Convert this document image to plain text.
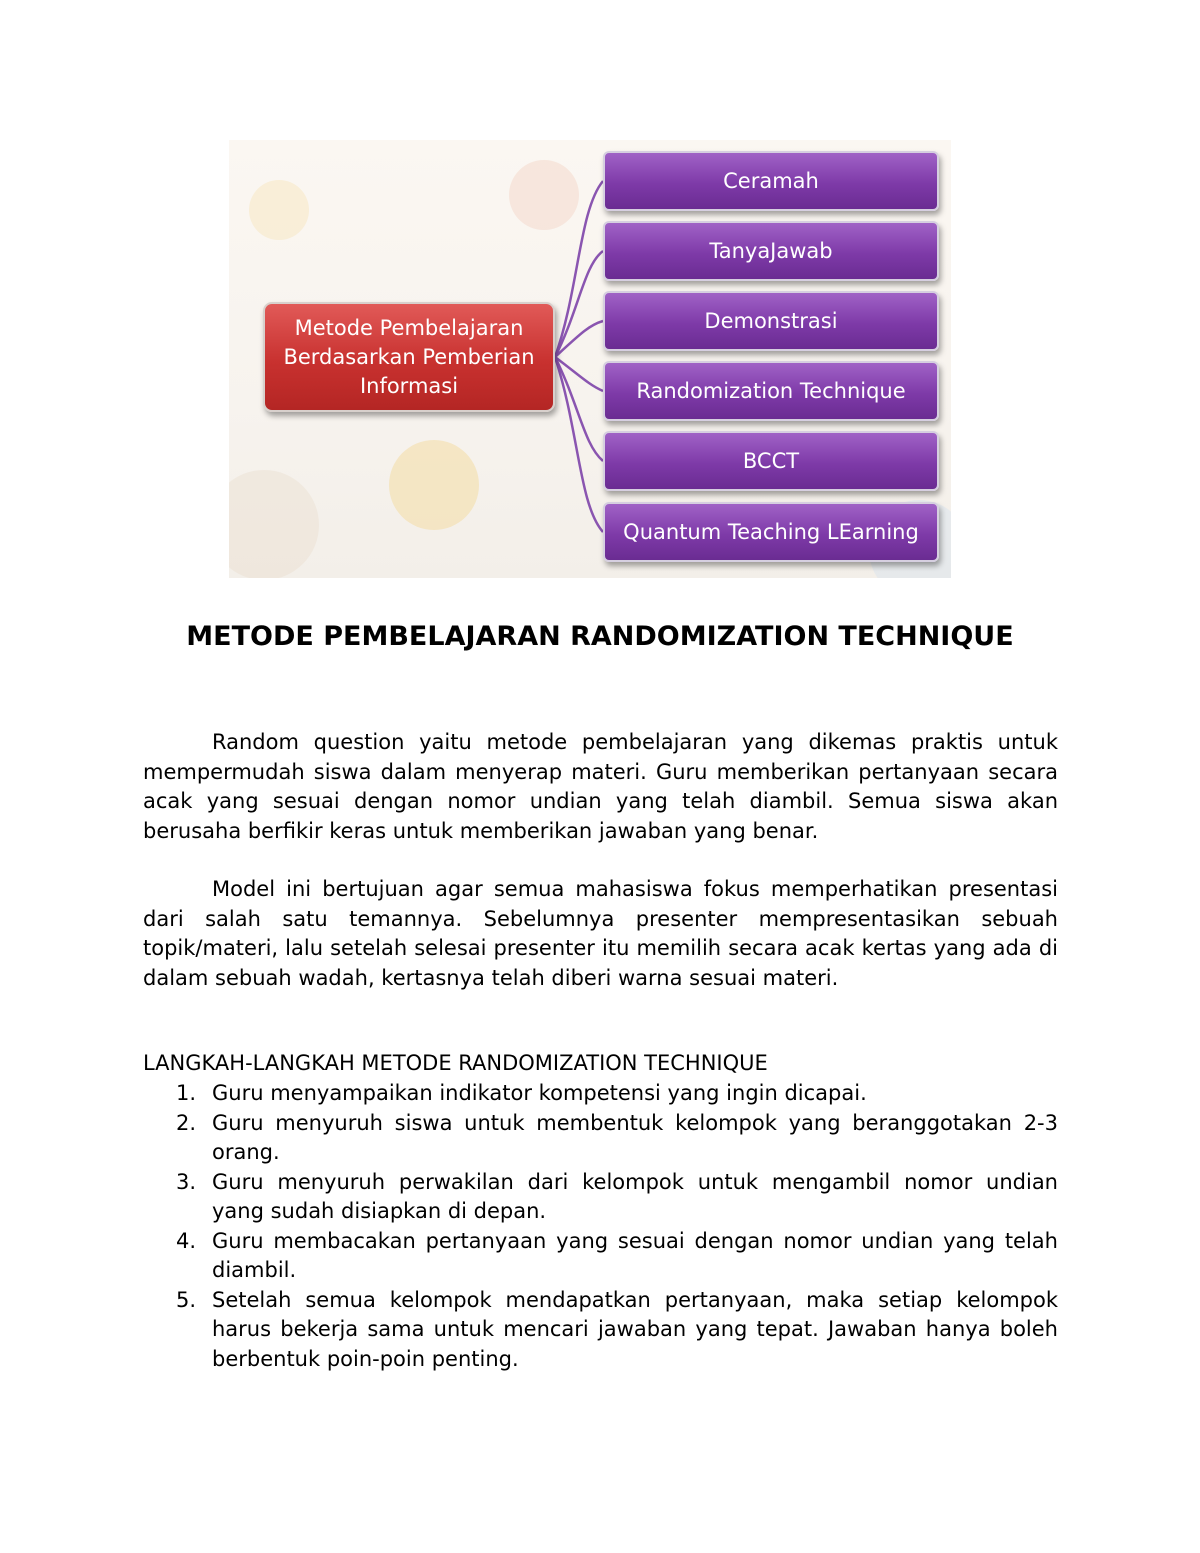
Metode Pembelajaran Berdasarkan Pemberian Informasi
Ceramah
TanyaJawab
Demonstrasi
Randomization Technique
BCCT
Quantum Teaching LEarning
METODE PEMBELAJARAN RANDOMIZATION TECHNIQUE

Random question yaitu metode pembelajaran yang dikemas praktis untuk mempermudah siswa dalam menyerap materi. Guru memberikan pertanyaan secara acak yang sesuai dengan nomor undian yang telah diambil. Semua siswa akan berusaha berfikir keras untuk memberikan jawaban yang benar.

Model ini bertujuan agar semua mahasiswa fokus memperhatikan presentasi dari salah satu temannya. Sebelumnya presenter mempresentasikan sebuah topik/materi, lalu setelah selesai presenter itu memilih secara acak kertas yang ada di dalam sebuah wadah, kertasnya telah diberi warna sesuai materi.

LANGKAH-LANGKAH METODE RANDOMIZATION TECHNIQUE

1. Guru menyampaikan indikator kompetensi yang ingin dicapai.
2. Guru menyuruh siswa untuk membentuk kelompok yang beranggotakan 2-3 orang.
3. Guru menyuruh perwakilan dari kelompok untuk mengambil nomor undian yang sudah disiapkan di depan.
4. Guru membacakan pertanyaan yang sesuai dengan nomor undian yang telah diambil.
5. Setelah semua kelompok mendapatkan pertanyaan, maka setiap kelompok harus bekerja sama untuk mencari jawaban yang tepat. Jawaban hanya boleh berbentuk poin-poin penting.
